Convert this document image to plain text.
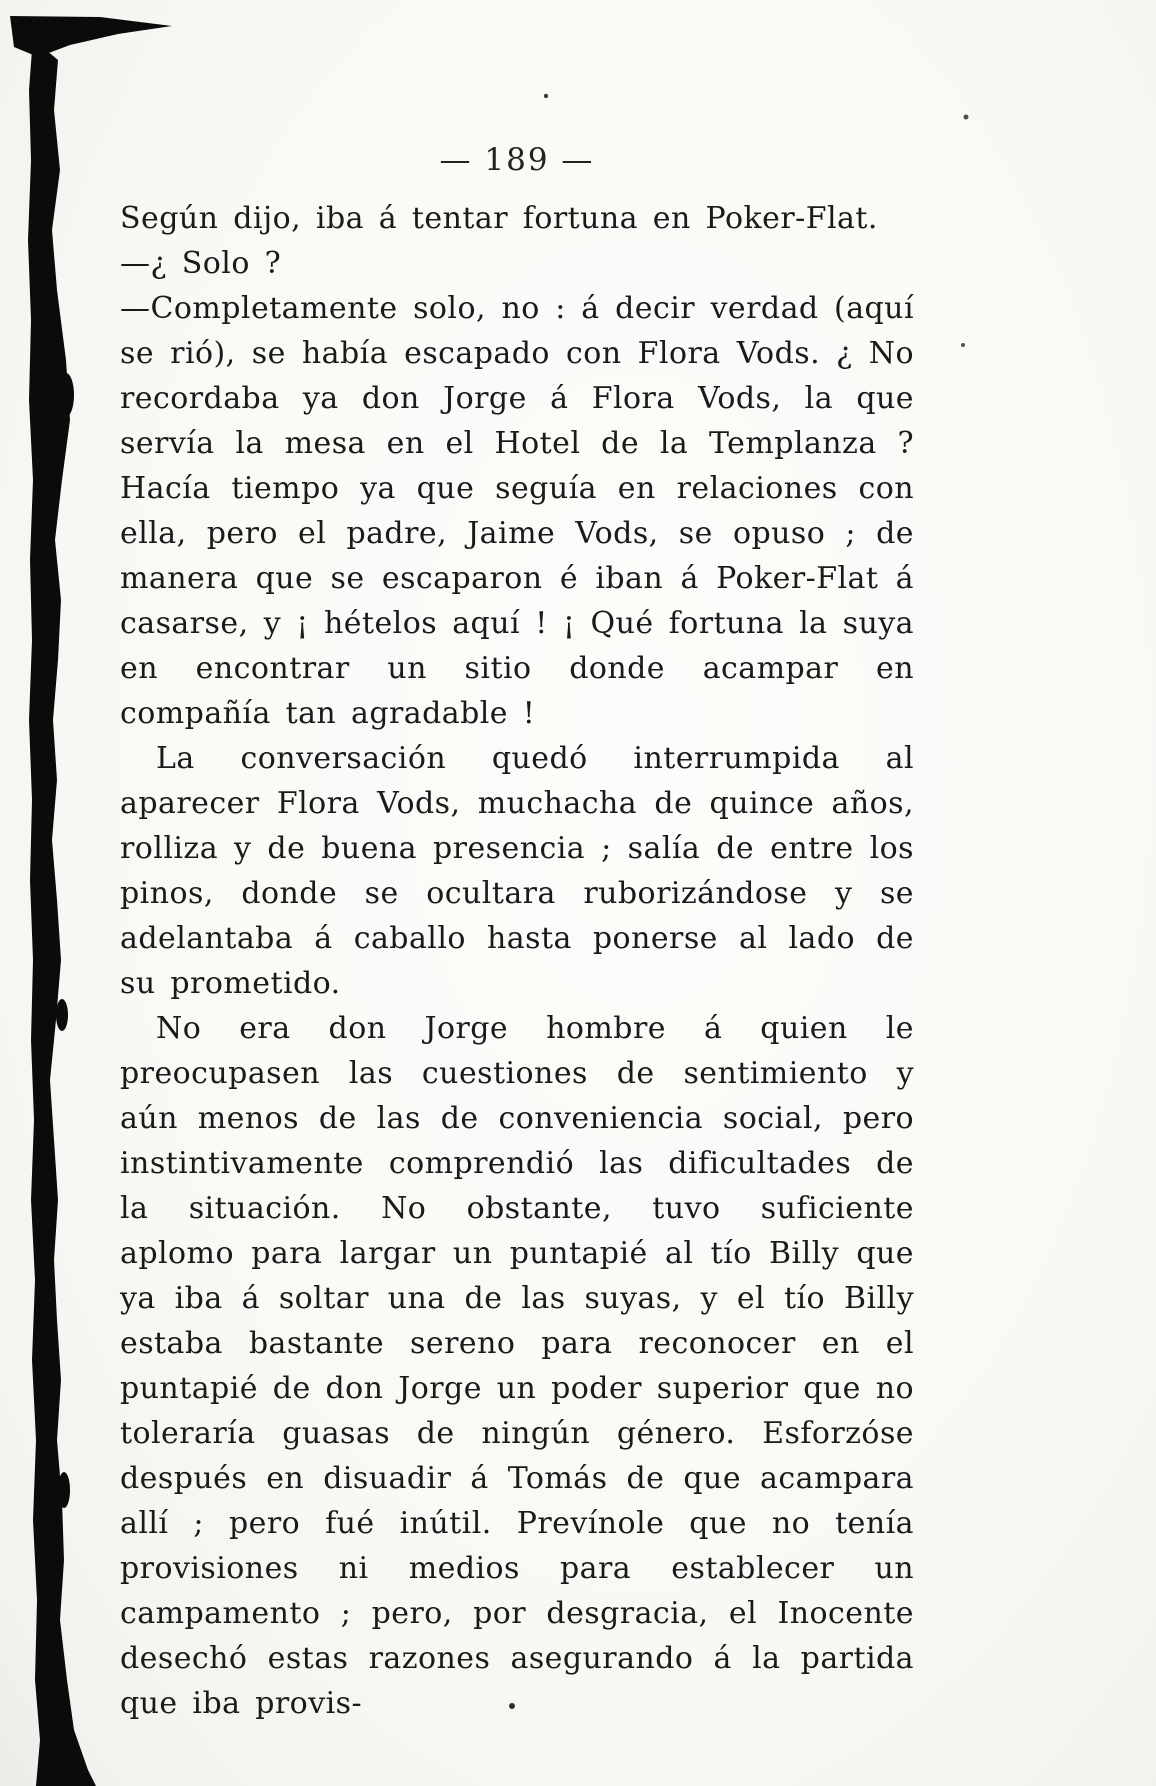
— 189 —

Según dijo, iba á tentar fortuna en Poker-Flat.

—¿ Solo ?

—Completamente solo, no : á decir verdad (aquí se rió), se había escapado con Flora Vods. ¿ No recordaba ya don Jorge á Flora Vods, la que servía la mesa en el Hotel de la Templanza ? Hacía tiempo ya que seguía en relaciones con ella, pero el padre, Jaime Vods, se opuso ; de manera que se escaparon é iban á Poker-Flat á casarse, y ¡ hételos aquí ! ¡ Qué fortuna la suya en encontrar un sitio donde acampar en compañía tan agradable !

La conversación quedó interrumpida al aparecer Flora Vods, muchacha de quince años, rolliza y de buena presencia ; salía de entre los pinos, donde se ocultara ruborizándose y se adelantaba á caballo hasta ponerse al lado de su prometido.

No era don Jorge hombre á quien le preocupasen las cuestiones de sentimiento y aún menos de las de conveniencia social, pero instintivamente comprendió las dificultades de la situación. No obstante, tuvo suficiente aplomo para largar un puntapié al tío Billy que ya iba á soltar una de las suyas, y el tío Billy estaba bastante sereno para reconocer en el puntapié de don Jorge un poder superior que no toleraría guasas de ningún género. Esforzóse después en disuadir á Tomás de que acampara allí ; pero fué inútil. Prevínole que no tenía provisiones ni medios para establecer un campamento ; pero, por desgracia, el Inocente desechó estas razones asegurando á la partida que iba provis-
